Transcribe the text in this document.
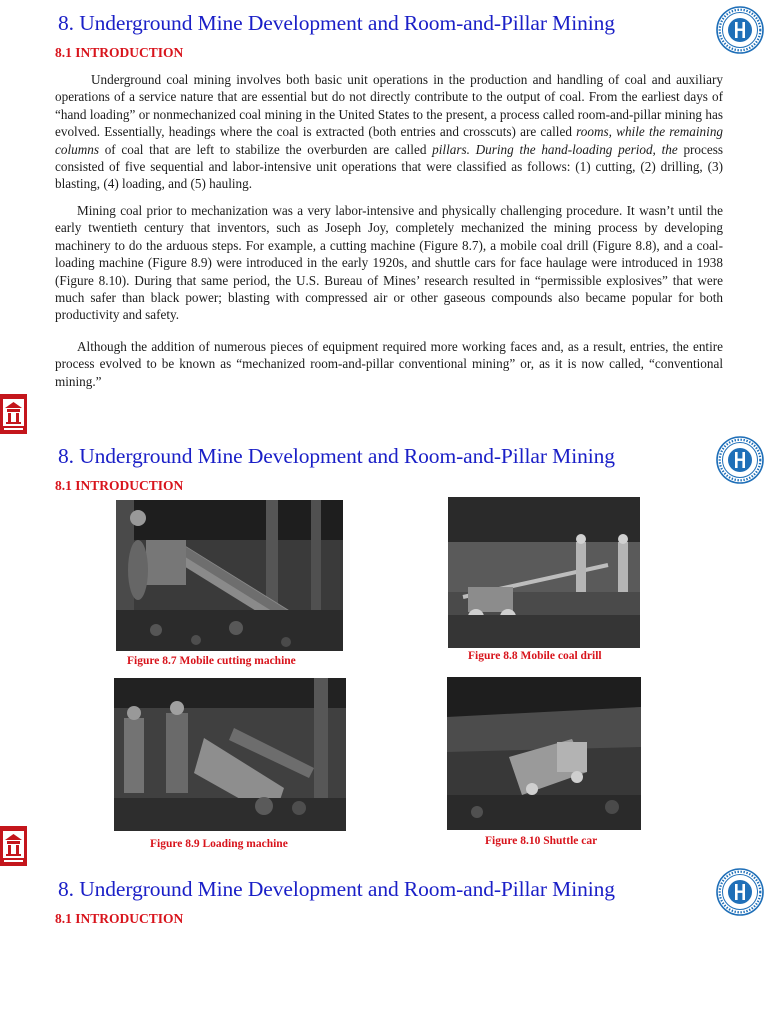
8. Underground Mine Development and Room-and-Pillar Mining
8.1 INTRODUCTION

Underground coal mining involves both basic unit operations in the production and handling of coal and auxiliary operations of a service nature that are essential but do not directly contribute to the output of coal. From the earliest days of “hand loading” or nonmechanized coal mining in the United States to the present, a process called room-and-pillar mining has evolved. Essentially, headings where the coal is extracted (both entries and crosscuts) are called rooms, while the remaining columns of coal that are left to stabilize the overburden are called pillars. During the hand-loading period, the process consisted of five sequential and labor-intensive unit operations that were classified as follows: (1) cutting, (2) drilling, (3) blasting, (4) loading, and (5) hauling.

Mining coal prior to mechanization was a very labor-intensive and physically challenging procedure. It wasn’t until the early twentieth century that inventors, such as Joseph Joy, completely mechanized the mining process by developing machinery to do the arduous steps. For example, a cutting machine (Figure 8.7), a mobile coal drill (Figure 8.8), and a coal-loading machine (Figure 8.9) were introduced in the early 1920s, and shuttle cars for face haulage were introduced in 1938 (Figure 8.10). During that same period, the U.S. Bureau of Mines’ research resulted in “permissible explosives” that were much safer than black power; blasting with compressed air or other gaseous compounds also became popular for both productivity and safety.

Although the addition of numerous pieces of equipment required more working faces and, as a result, entries, the entire process evolved to be known as “mechanized room-and-pillar conventional mining” or, as it is now called, “conventional mining.”

8. Underground Mine Development and Room-and-Pillar Mining
8.1 INTRODUCTION

Figure 8.7 Mobile cutting machine	Figure 8.8 Mobile coal drill

Figure 8.9 Loading machine	Figure 8.10 Shuttle car

8. Underground Mine Development and Room-and-Pillar Mining
8.1 INTRODUCTION
